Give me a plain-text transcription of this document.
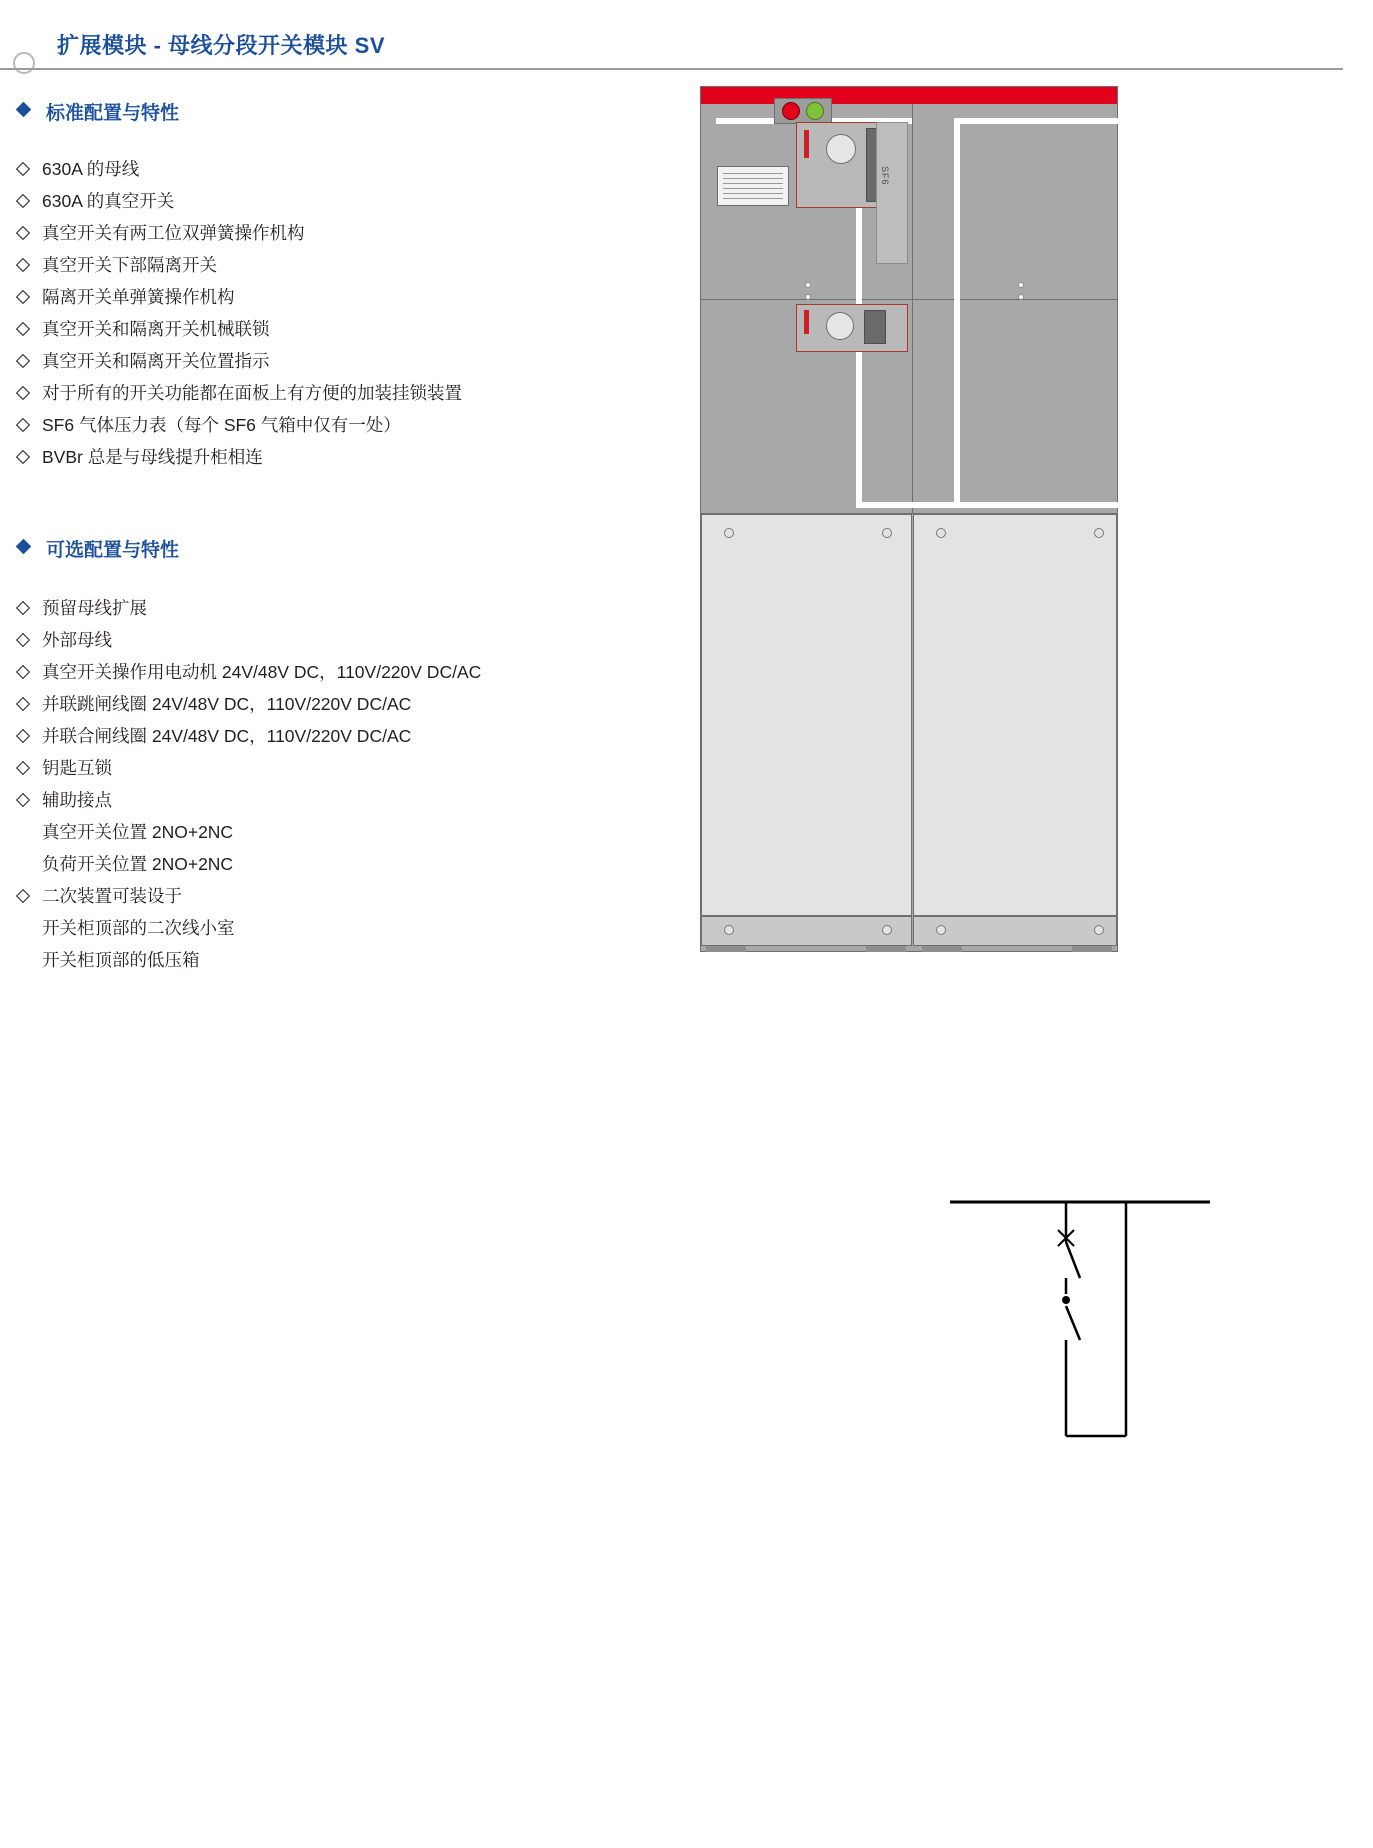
扩展模块 - 母线分段开关模块 SV
标准配置与特性
630A 的母线
630A 的真空开关
真空开关有两工位双弹簧操作机构
真空开关下部隔离开关
隔离开关单弹簧操作机构
真空开关和隔离开关机械联锁
真空开关和隔离开关位置指示
对于所有的开关功能都在面板上有方便的加装挂锁装置
SF6 气体压力表（每个 SF6 气箱中仅有一处）
BVBr 总是与母线提升柜相连
可选配置与特性
预留母线扩展
外部母线
真空开关操作用电动机 24V/48V DC，110V/220V DC/AC
并联跳闸线圈 24V/48V DC，110V/220V DC/AC
并联合闸线圈 24V/48V DC，110V/220V DC/AC
钥匙互锁
辅助接点
真空开关位置 2NO+2NC
负荷开关位置 2NO+2NC
二次装置可装设于
开关柜顶部的二次线小室
开关柜顶部的低压箱
SF6
